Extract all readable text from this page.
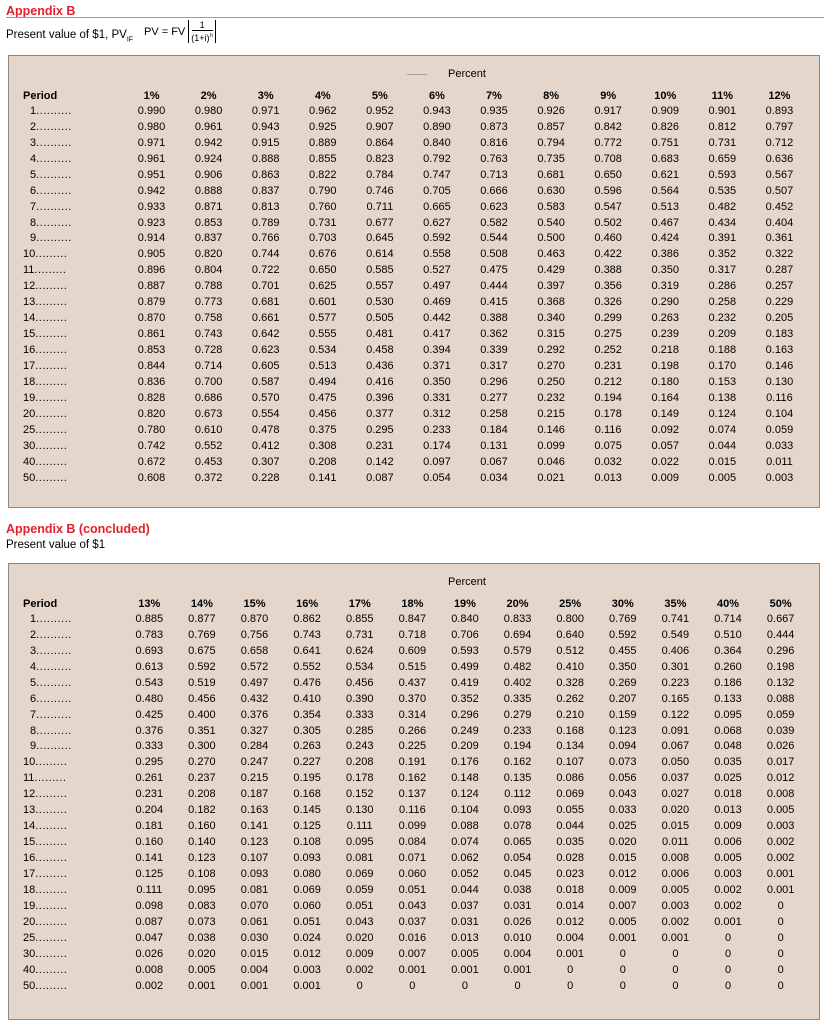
Appendix B
Present value of $1, $PV_{IF}$
PV = FV $\frac{1}{(1+i)^n}$
Percent
Period	1%	2%	3%	4%	5%	6%	7%	8%	9%	10%	11%	12%
1..........	0.990	0.980	0.971	0.962	0.952	0.943	0.935	0.926	0.917	0.909	0.901	0.893
2..........	0.980	0.961	0.943	0.925	0.907	0.890	0.873	0.857	0.842	0.826	0.812	0.797
3..........	0.971	0.942	0.915	0.889	0.864	0.840	0.816	0.794	0.772	0.751	0.731	0.712
4..........	0.961	0.924	0.888	0.855	0.823	0.792	0.763	0.735	0.708	0.683	0.659	0.636
5..........	0.951	0.906	0.863	0.822	0.784	0.747	0.713	0.681	0.650	0.621	0.593	0.567
6..........	0.942	0.888	0.837	0.790	0.746	0.705	0.666	0.630	0.596	0.564	0.535	0.507
7..........	0.933	0.871	0.813	0.760	0.711	0.665	0.623	0.583	0.547	0.513	0.482	0.452
8..........	0.923	0.853	0.789	0.731	0.677	0.627	0.582	0.540	0.502	0.467	0.434	0.404
9..........	0.914	0.837	0.766	0.703	0.645	0.592	0.544	0.500	0.460	0.424	0.391	0.361
10.........	0.905	0.820	0.744	0.676	0.614	0.558	0.508	0.463	0.422	0.386	0.352	0.322
11.........	0.896	0.804	0.722	0.650	0.585	0.527	0.475	0.429	0.388	0.350	0.317	0.287
12.........	0.887	0.788	0.701	0.625	0.557	0.497	0.444	0.397	0.356	0.319	0.286	0.257
13.........	0.879	0.773	0.681	0.601	0.530	0.469	0.415	0.368	0.326	0.290	0.258	0.229
14.........	0.870	0.758	0.661	0.577	0.505	0.442	0.388	0.340	0.299	0.263	0.232	0.205
15.........	0.861	0.743	0.642	0.555	0.481	0.417	0.362	0.315	0.275	0.239	0.209	0.183
16.........	0.853	0.728	0.623	0.534	0.458	0.394	0.339	0.292	0.252	0.218	0.188	0.163
17.........	0.844	0.714	0.605	0.513	0.436	0.371	0.317	0.270	0.231	0.198	0.170	0.146
18.........	0.836	0.700	0.587	0.494	0.416	0.350	0.296	0.250	0.212	0.180	0.153	0.130
19.........	0.828	0.686	0.570	0.475	0.396	0.331	0.277	0.232	0.194	0.164	0.138	0.116
20.........	0.820	0.673	0.554	0.456	0.377	0.312	0.258	0.215	0.178	0.149	0.124	0.104
25.........	0.780	0.610	0.478	0.375	0.295	0.233	0.184	0.146	0.116	0.092	0.074	0.059
30.........	0.742	0.552	0.412	0.308	0.231	0.174	0.131	0.099	0.075	0.057	0.044	0.033
40.........	0.672	0.453	0.307	0.208	0.142	0.097	0.067	0.046	0.032	0.022	0.015	0.011
50.........	0.608	0.372	0.228	0.141	0.087	0.054	0.034	0.021	0.013	0.009	0.005	0.003
Appendix B (concluded)
Present value of $1
Percent
Period	13%	14%	15%	16%	17%	18%	19%	20%	25%	30%	35%	40%	50%
1..........	0.885	0.877	0.870	0.862	0.855	0.847	0.840	0.833	0.800	0.769	0.741	0.714	0.667
2..........	0.783	0.769	0.756	0.743	0.731	0.718	0.706	0.694	0.640	0.592	0.549	0.510	0.444
3..........	0.693	0.675	0.658	0.641	0.624	0.609	0.593	0.579	0.512	0.455	0.406	0.364	0.296
4..........	0.613	0.592	0.572	0.552	0.534	0.515	0.499	0.482	0.410	0.350	0.301	0.260	0.198
5..........	0.543	0.519	0.497	0.476	0.456	0.437	0.419	0.402	0.328	0.269	0.223	0.186	0.132
6..........	0.480	0.456	0.432	0.410	0.390	0.370	0.352	0.335	0.262	0.207	0.165	0.133	0.088
7..........	0.425	0.400	0.376	0.354	0.333	0.314	0.296	0.279	0.210	0.159	0.122	0.095	0.059
8..........	0.376	0.351	0.327	0.305	0.285	0.266	0.249	0.233	0.168	0.123	0.091	0.068	0.039
9..........	0.333	0.300	0.284	0.263	0.243	0.225	0.209	0.194	0.134	0.094	0.067	0.048	0.026
10.........	0.295	0.270	0.247	0.227	0.208	0.191	0.176	0.162	0.107	0.073	0.050	0.035	0.017
11.........	0.261	0.237	0.215	0.195	0.178	0.162	0.148	0.135	0.086	0.056	0.037	0.025	0.012
12.........	0.231	0.208	0.187	0.168	0.152	0.137	0.124	0.112	0.069	0.043	0.027	0.018	0.008
13.........	0.204	0.182	0.163	0.145	0.130	0.116	0.104	0.093	0.055	0.033	0.020	0.013	0.005
14.........	0.181	0.160	0.141	0.125	0.111	0.099	0.088	0.078	0.044	0.025	0.015	0.009	0.003
15.........	0.160	0.140	0.123	0.108	0.095	0.084	0.074	0.065	0.035	0.020	0.011	0.006	0.002
16.........	0.141	0.123	0.107	0.093	0.081	0.071	0.062	0.054	0.028	0.015	0.008	0.005	0.002
17.........	0.125	0.108	0.093	0.080	0.069	0.060	0.052	0.045	0.023	0.012	0.006	0.003	0.001
18.........	0.111	0.095	0.081	0.069	0.059	0.051	0.044	0.038	0.018	0.009	0.005	0.002	0.001
19.........	0.098	0.083	0.070	0.060	0.051	0.043	0.037	0.031	0.014	0.007	0.003	0.002	0
20.........	0.087	0.073	0.061	0.051	0.043	0.037	0.031	0.026	0.012	0.005	0.002	0.001	0
25.........	0.047	0.038	0.030	0.024	0.020	0.016	0.013	0.010	0.004	0.001	0.001	0	0
30.........	0.026	0.020	0.015	0.012	0.009	0.007	0.005	0.004	0.001	0	0	0	0
40.........	0.008	0.005	0.004	0.003	0.002	0.001	0.001	0.001	0	0	0	0	0
50.........	0.002	0.001	0.001	0.001	0	0	0	0	0	0	0	0	0
